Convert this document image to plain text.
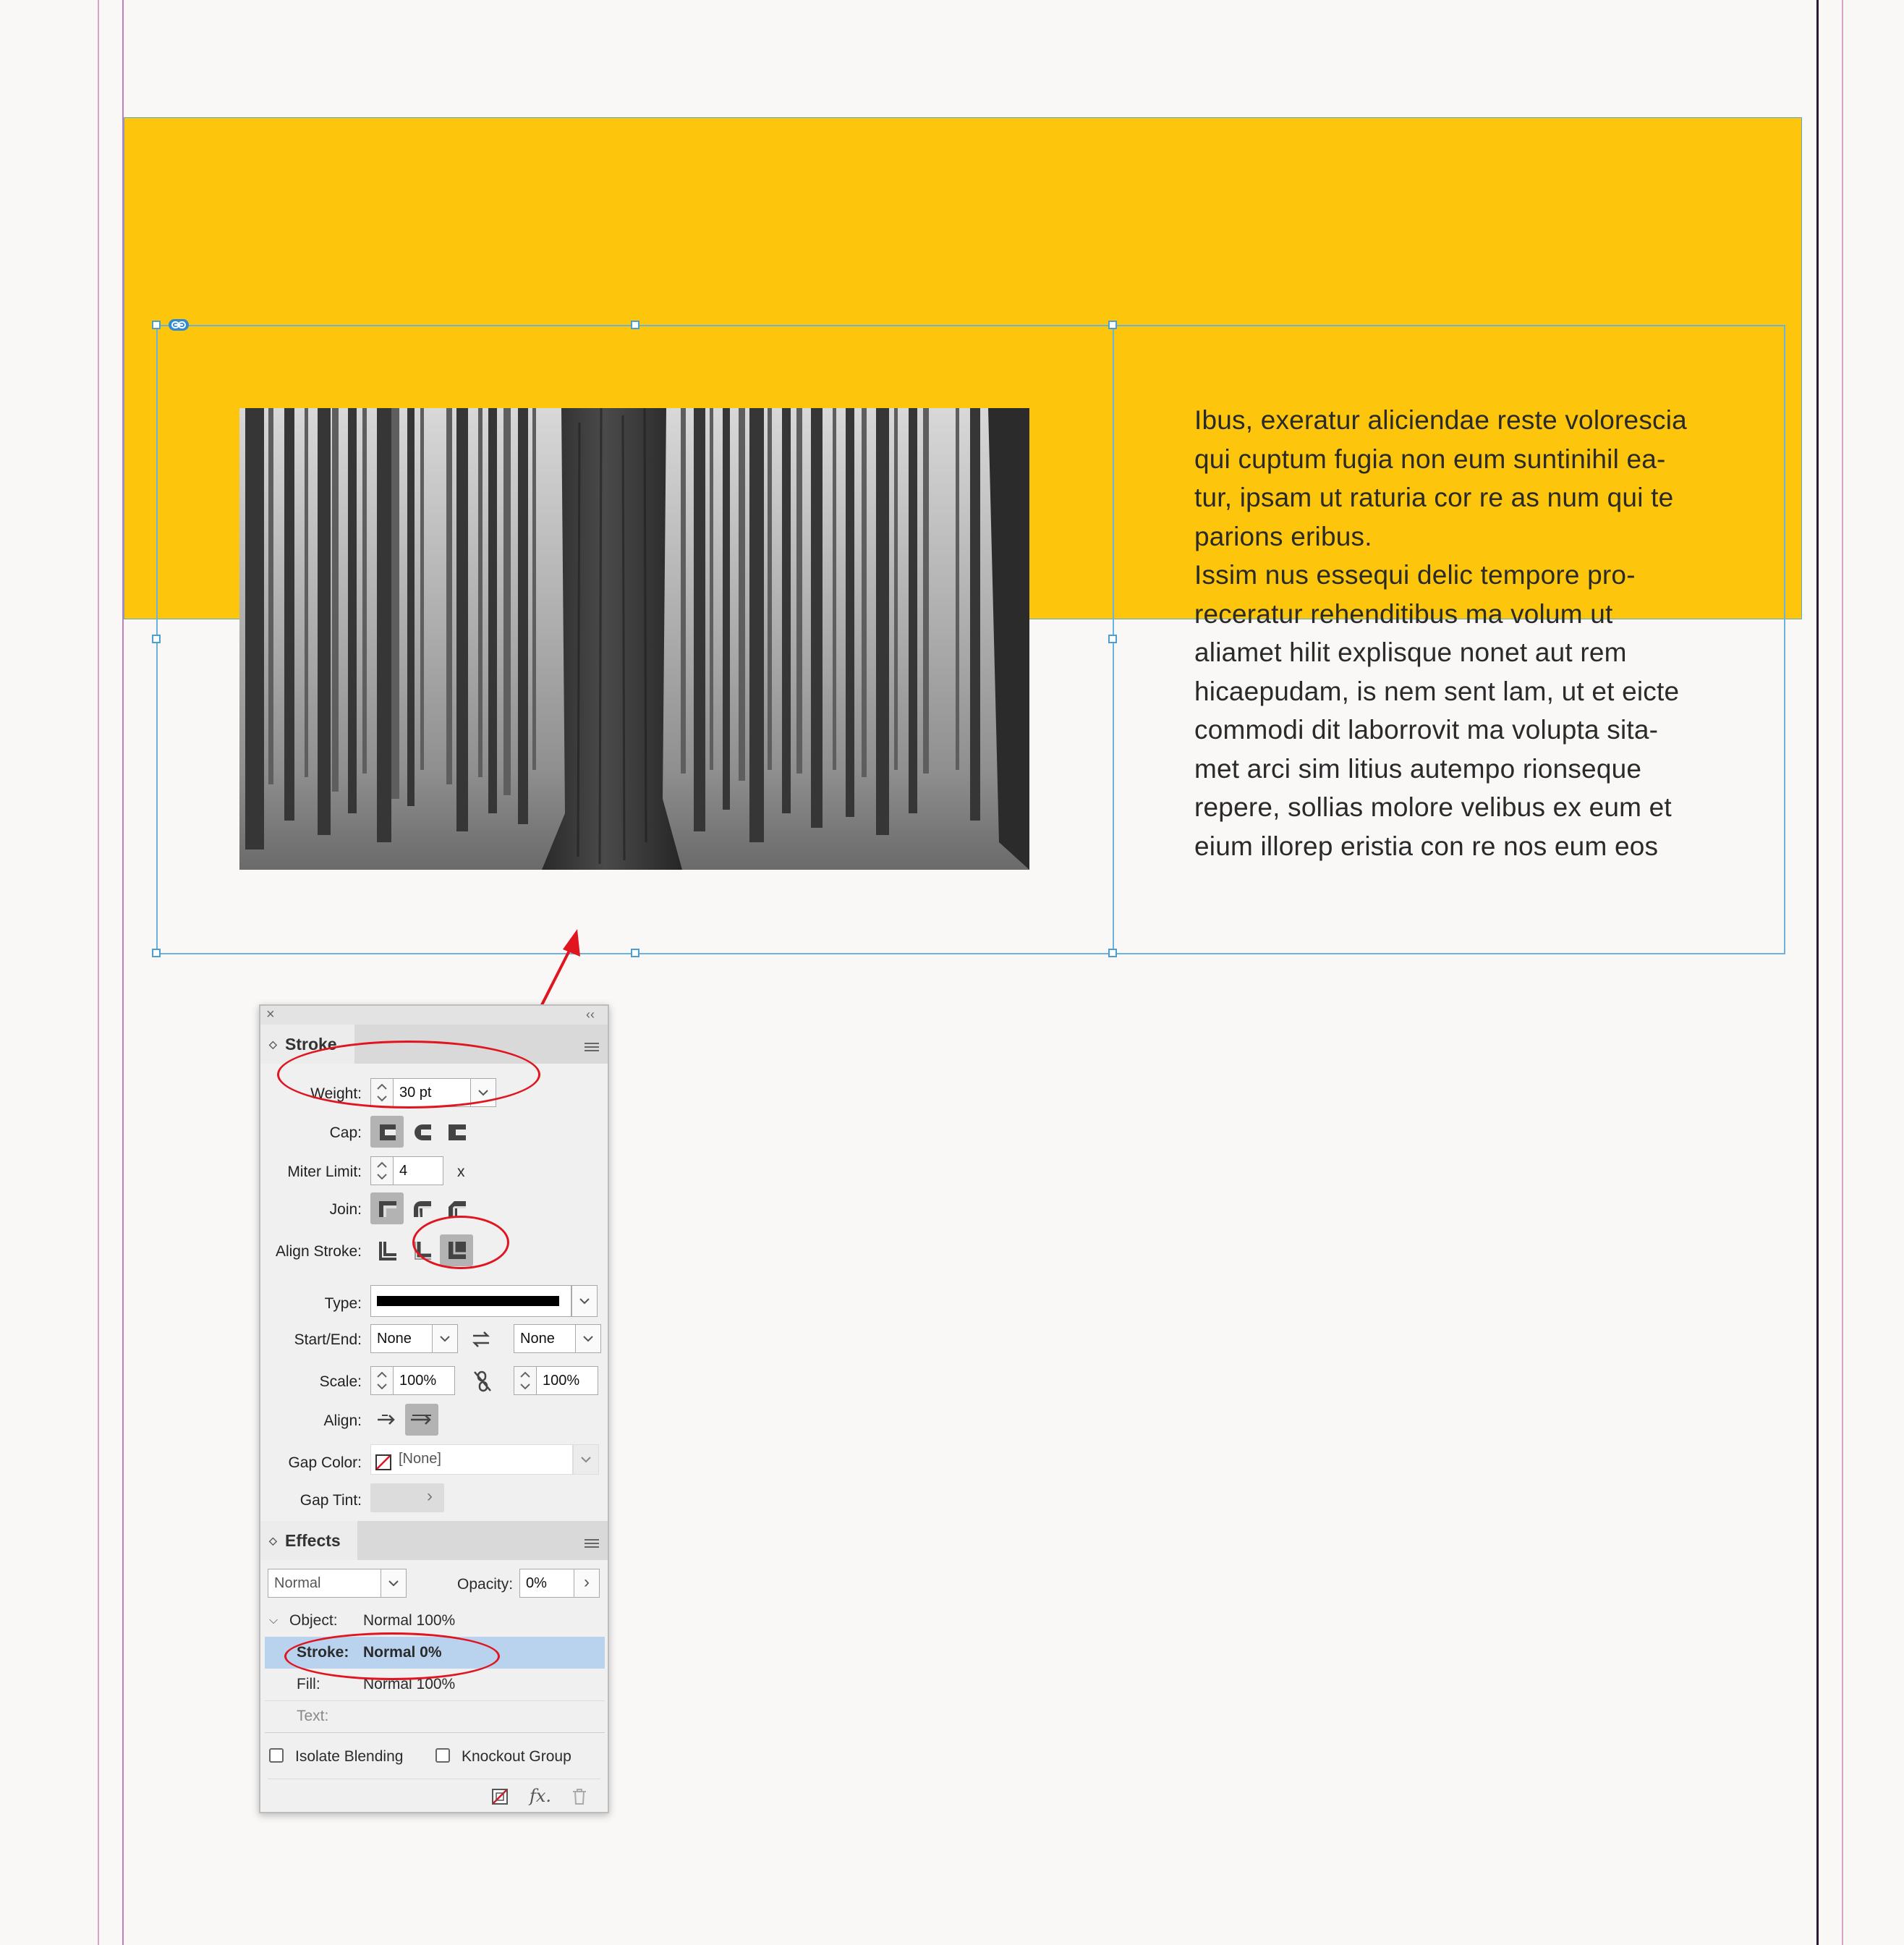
Ibus, exeratur aliciendae reste volorescia
qui cuptum fugia non eum suntinihil ea-
tur, ipsam ut raturia cor re as num qui te
parions eribus.
Issim nus essequi delic tempore pro-
receratur rehenditibus ma volum ut
aliamet hilit explisque nonet aut rem
hicaepudam, is nem sent lam, ut et eicte
commodi dit laborrovit ma volupta sita-
met arci sim litius autempo rionseque
repere, sollias molore velibus ex eum et
eium illorep eristia con re nos eum eos
×	‹‹
◇ Stroke
Weight:	30 pt
Cap:
Miter Limit:	4	x
Join:
Align Stroke:
Type:
Start/End:	None	None
Scale:	100%	100%
Align:
Gap Color:	[None]
Gap Tint:	›
◇ Effects
Normal	Opacity: 0%	›
⌵ Object: Normal 100%
Stroke: Normal 0%
Fill:	Normal 100%
Text:
Isolate Blending	Knockout Group
fx.
